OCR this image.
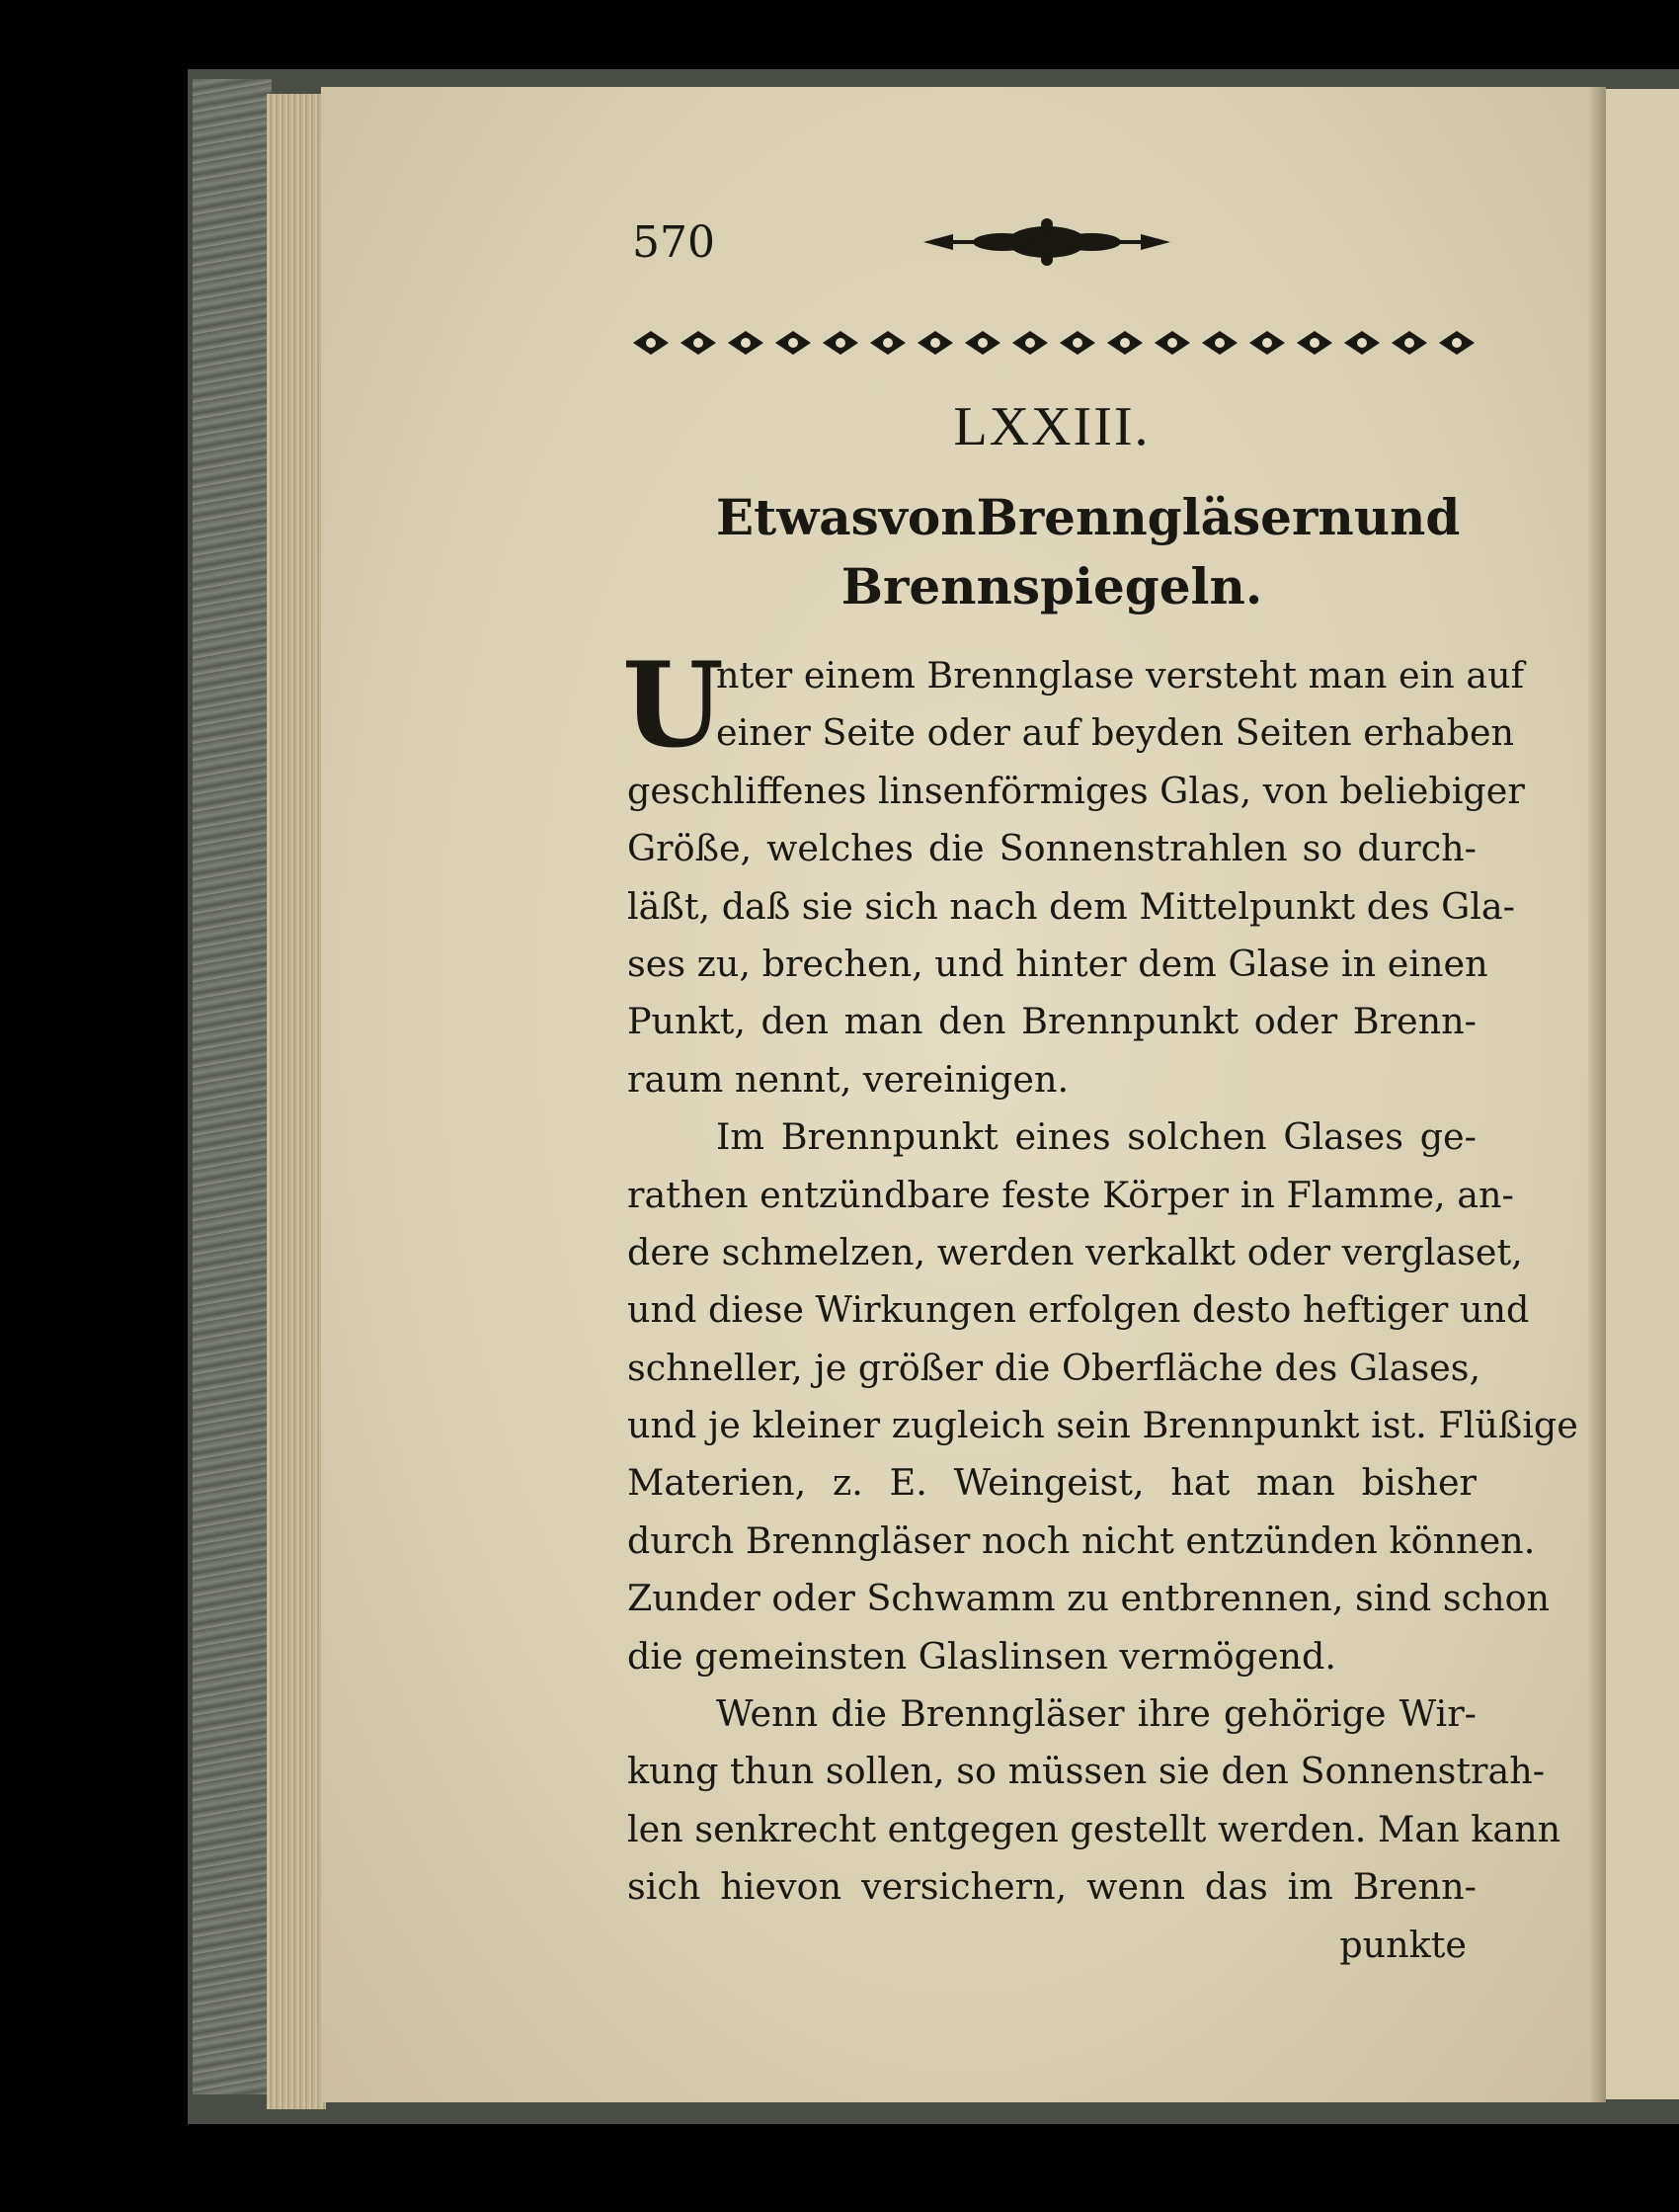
570
LXXIII.
Etwas von Brenngläsern und
Brennspiegeln.
U
nter einem Brennglase versteht man ein auf
einer Seite oder auf beyden Seiten erhaben
geschliffenes linsenförmiges Glas, von beliebiger
Größe, welches die Sonnenstrahlen so durch-
läßt, daß sie sich nach dem Mittelpunkt des Gla-
ses zu, brechen, und hinter dem Glase in einen
Punkt, den man den Brennpunkt oder Brenn-
raum nennt, vereinigen.
Im Brennpunkt eines solchen Glases ge-
rathen entzündbare feste Körper in Flamme, an-
dere schmelzen, werden verkalkt oder verglaset,
und diese Wirkungen erfolgen desto heftiger und
schneller, je größer die Oberfläche des Glases,
und je kleiner zugleich sein Brennpunkt ist. Flüßige
Materien, z. E. Weingeist, hat man bisher
durch Brenngläser noch nicht entzünden können.
Zunder oder Schwamm zu entbrennen, sind schon
die gemeinsten Glaslinsen vermögend.
Wenn die Brenngläser ihre gehörige Wir-
kung thun sollen, so müssen sie den Sonnenstrah-
len senkrecht entgegen gestellt werden. Man kann
sich hievon versichern, wenn das im Brenn-
punkte
